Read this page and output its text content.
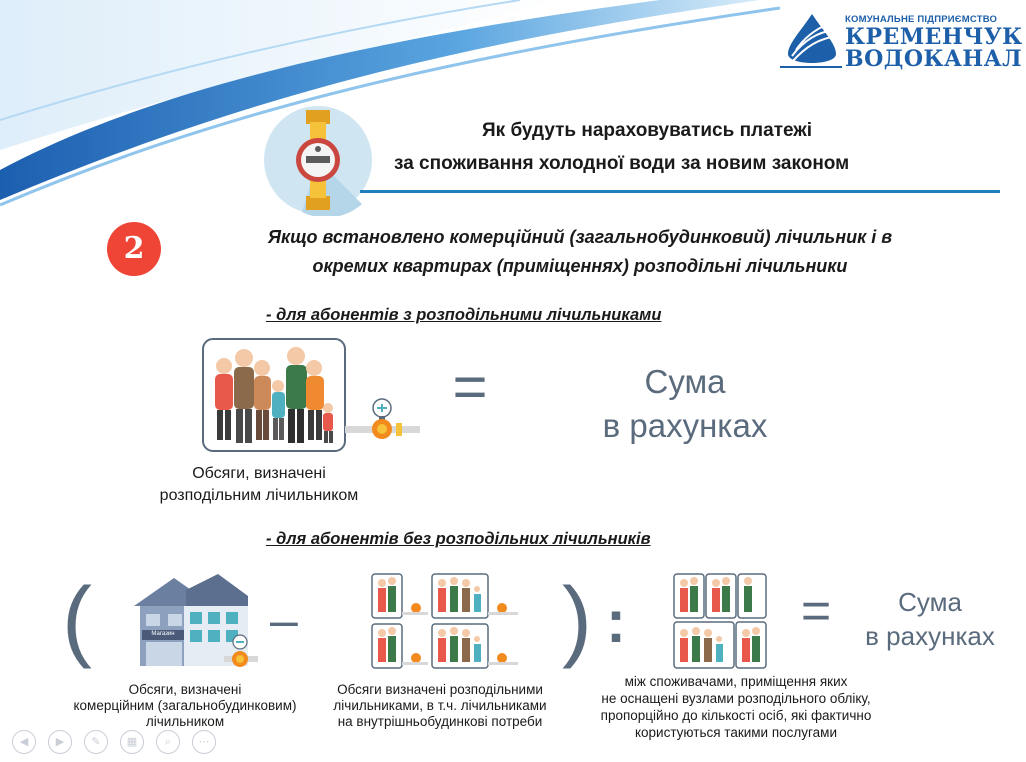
КОМУНАЛЬНЕ ПІДПРИЄМСТВО
КРЕМЕНЧУК
ВОДОКАНАЛ
Як будуть нараховуватись платежі
за споживання холодної води за новим законом
2	Якщо встановлено комерційний (загальнобудинковий) лічильник і в
окремих квартирах (приміщеннях) розподільні лічильники
- для абонентів з розподільними лічильниками
Обсяги, визначені
розподільним лічильником
=	Сума
в рахунках
- для абонентів без розподільних лічильників
(	Магазин –	) :	=	Сума
в рахунках
Обсяги, визначені
комерційним (загальнобудинковим)
лічильником
Обсяги визначені розподільними
лічильниками, в т.ч. лічильниками
на внутрішньобудинкові потреби
між споживачами, приміщення яких
не оснащені вузлами розподільного обліку,
пропорційно до кількості осіб, які фактично
користуються такими послугами
◀	▶	✎	▦	⌕	⋯
